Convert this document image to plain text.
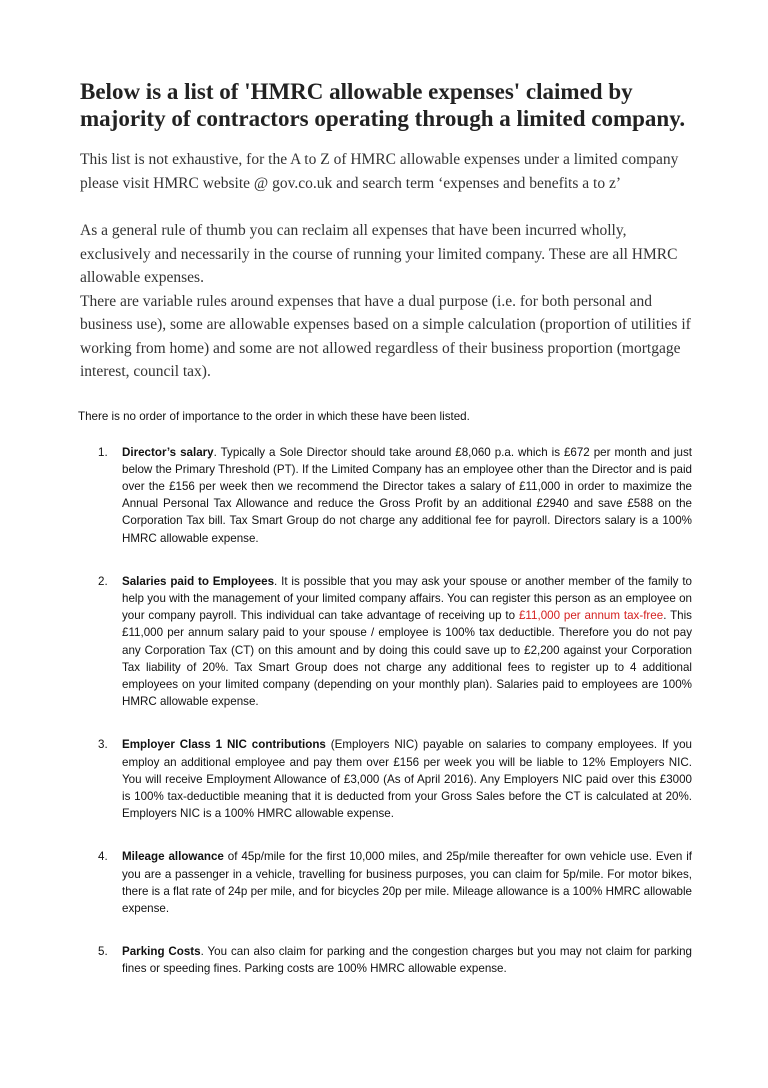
Below is a list of 'HMRC allowable expenses' claimed by majority of contractors operating through a limited company.

This list is not exhaustive, for the A to Z of HMRC allowable expenses under a limited company please visit HMRC website @ gov.co.uk and search term ‘expenses and benefits a to z’

As a general rule of thumb you can reclaim all expenses that have been incurred wholly, exclusively and necessarily in the course of running your limited company. These are all HMRC allowable expenses.

There are variable rules around expenses that have a dual purpose (i.e. for both personal and business use), some are allowable expenses based on a simple calculation (proportion of utilities if working from home) and some are not allowed regardless of their business proportion (mortgage interest, council tax).

There is no order of importance to the order in which these have been listed.

1. Director’s salary. Typically a Sole Director should take around £8,060 p.a. which is £672 per month and just below the Primary Threshold (PT). If the Limited Company has an employee other than the Director and is paid over the £156 per week then we recommend the Director takes a salary of £11,000 in order to maximize the Annual Personal Tax Allowance and reduce the Gross Profit by an additional £2940 and save £588 on the Corporation Tax bill. Tax Smart Group do not charge any additional fee for payroll. Directors salary is a 100% HMRC allowable expense.
2. Salaries paid to Employees. It is possible that you may ask your spouse or another member of the family to help you with the management of your limited company affairs. You can register this person as an employee on your company payroll. This individual can take advantage of receiving up to £11,000 per annum tax-free. This £11,000 per annum salary paid to your spouse / employee is 100% tax deductible. Therefore you do not pay any Corporation Tax (CT) on this amount and by doing this could save up to £2,200 against your Corporation Tax liability of 20%. Tax Smart Group does not charge any additional fees to register up to 4 additional employees on your limited company (depending on your monthly plan). Salaries paid to employees are 100% HMRC allowable expense.
3. Employer Class 1 NIC contributions (Employers NIC) payable on salaries to company employees. If you employ an additional employee and pay them over £156 per week you will be liable to 12% Employers NIC. You will receive Employment Allowance of £3,000 (As of April 2016). Any Employers NIC paid over this £3000 is 100% tax-deductible meaning that it is deducted from your Gross Sales before the CT is calculated at 20%. Employers NIC is a 100% HMRC allowable expense.
4. Mileage allowance of 45p/mile for the first 10,000 miles, and 25p/mile thereafter for own vehicle use. Even if you are a passenger in a vehicle, travelling for business purposes, you can claim for 5p/mile. For motor bikes, there is a flat rate of 24p per mile, and for bicycles 20p per mile. Mileage allowance is a 100% HMRC allowable expense.
5. Parking Costs. You can also claim for parking and the congestion charges but you may not claim for parking fines or speeding fines. Parking costs are 100% HMRC allowable expense.
